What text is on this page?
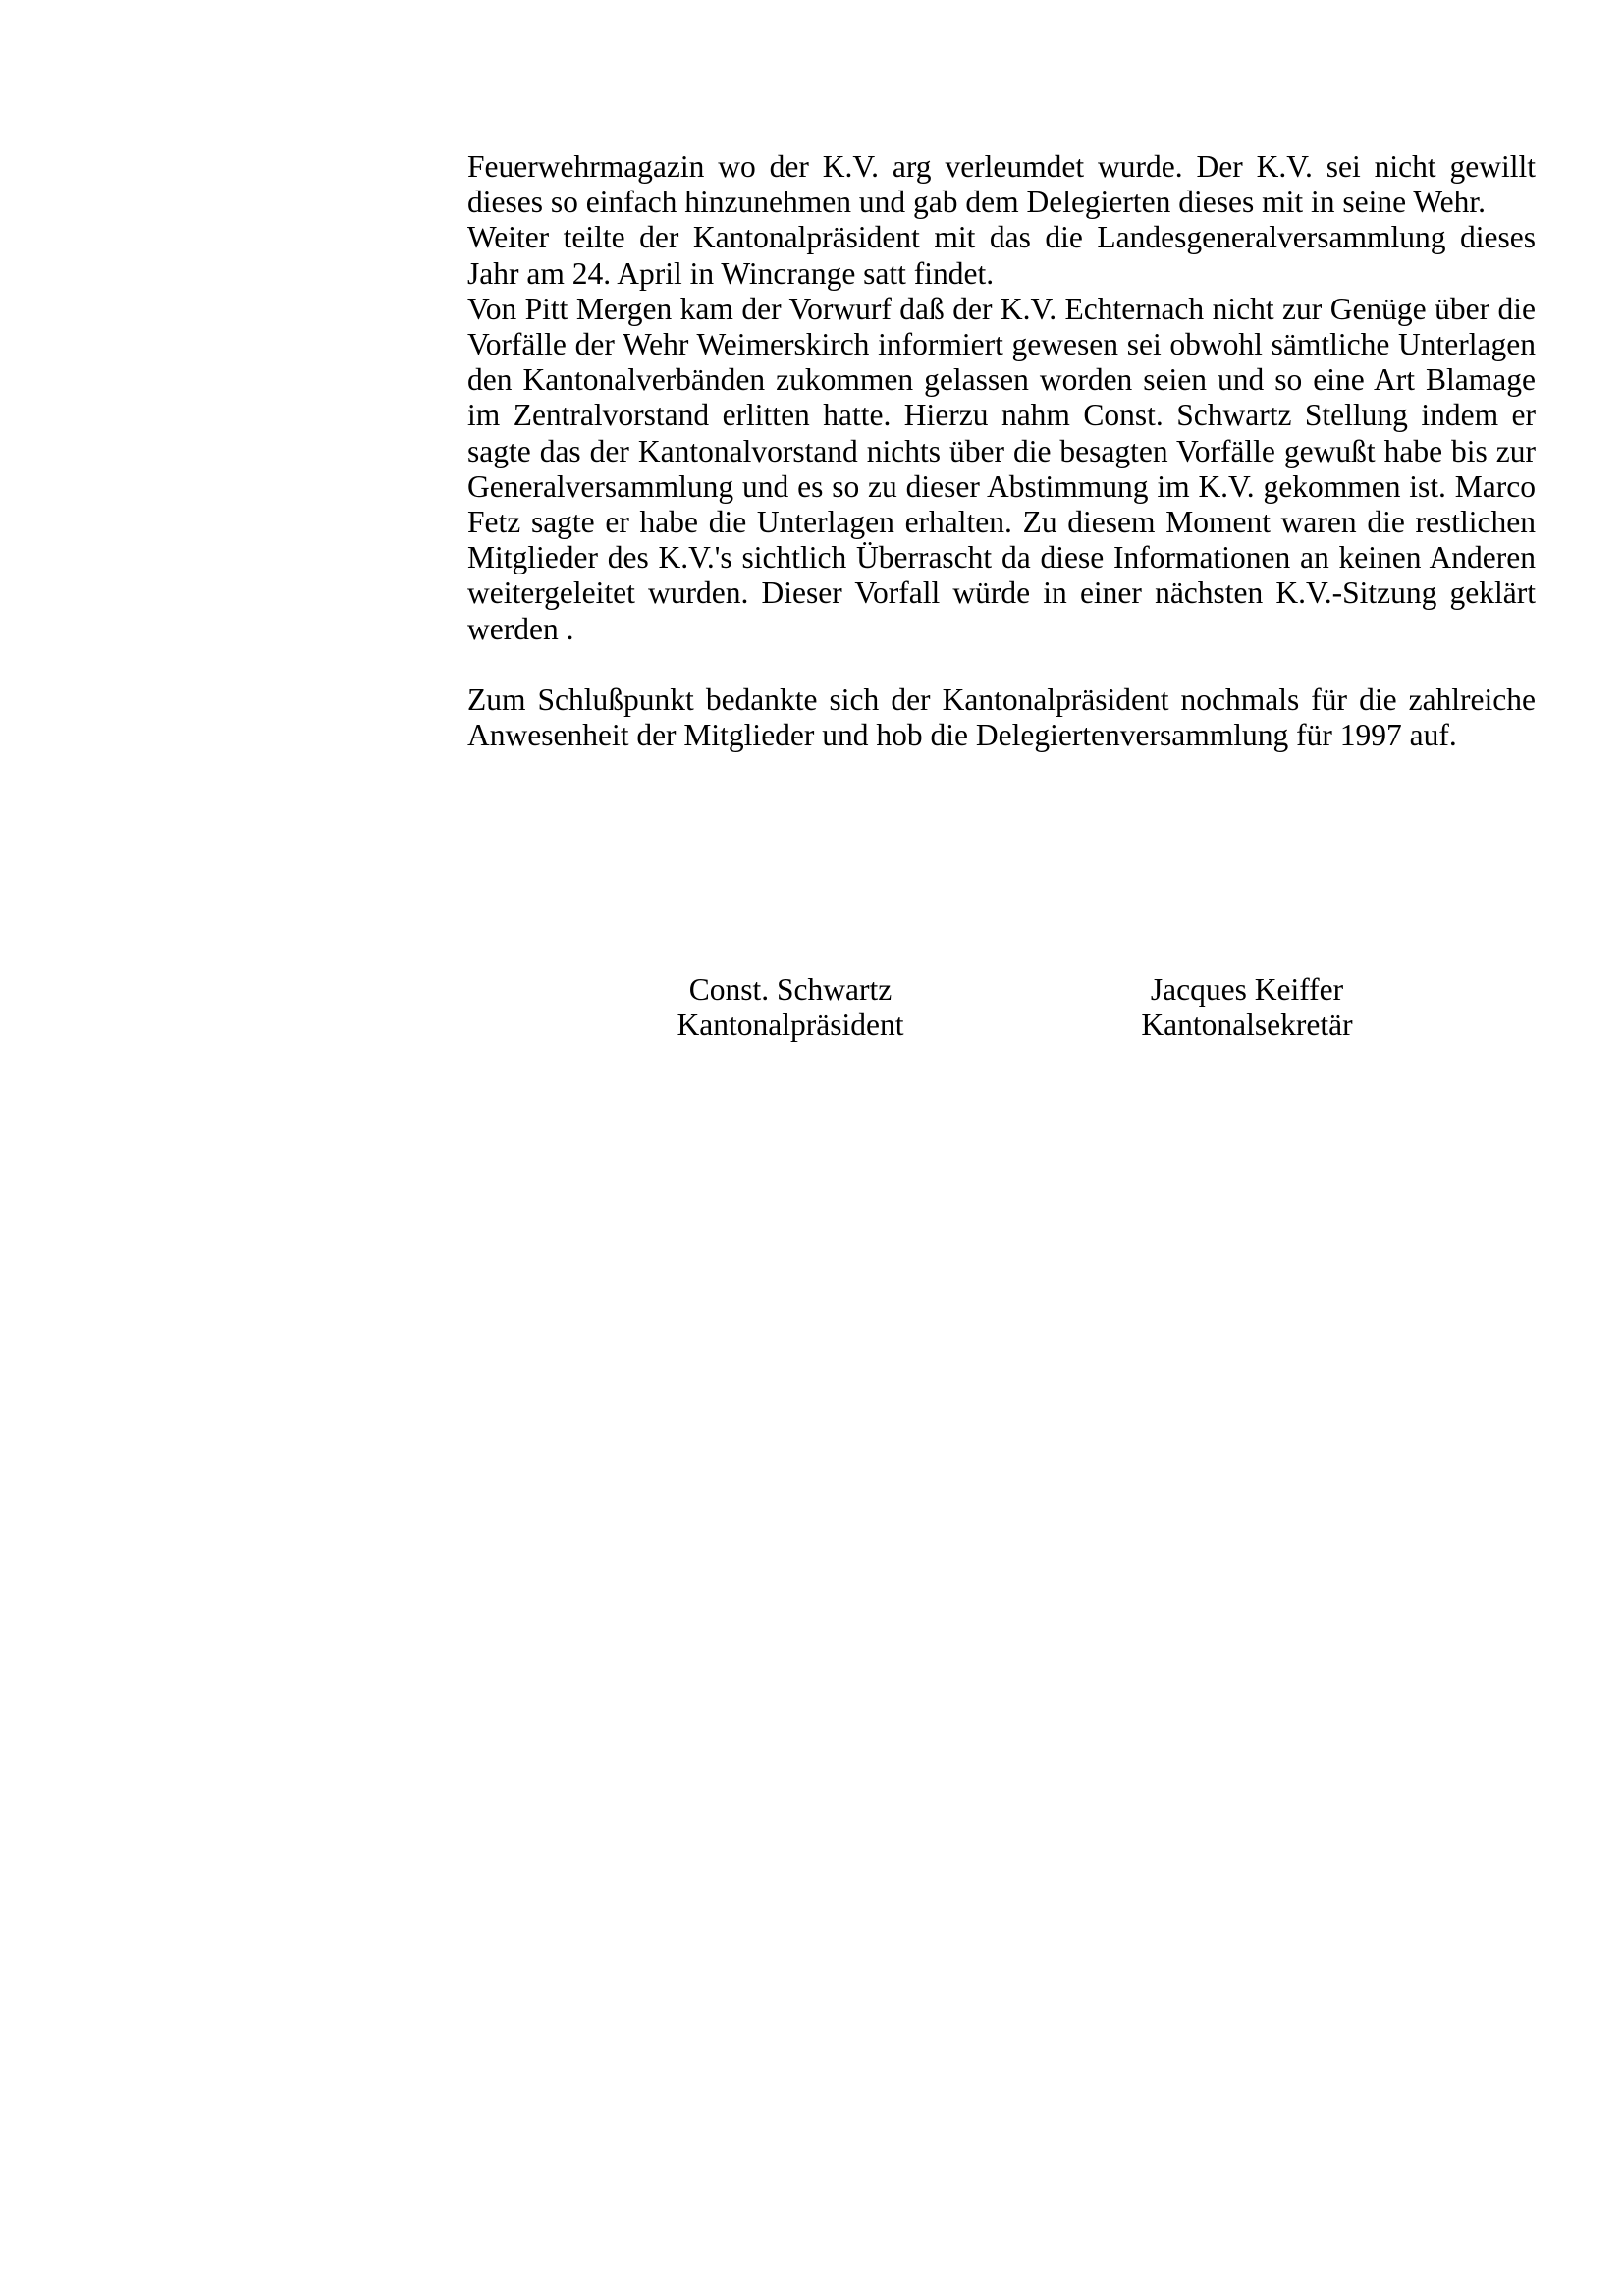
Feuerwehrmagazin wo der K.V. arg verleumdet wurde. Der K.V. sei nicht gewillt dieses so einfach hinzunehmen und gab dem Delegierten dieses mit in seine Wehr.

Weiter teilte der Kantonalpräsident mit das die Landesgeneralversammlung dieses Jahr am 24. April in Wincrange satt findet.

Von Pitt Mergen kam der Vorwurf daß der K.V. Echternach nicht zur Genüge über die Vorfälle der Wehr Weimerskirch informiert gewesen sei obwohl sämtliche Unterlagen den Kantonalverbänden zukommen gelassen worden seien und so eine Art Blamage im Zentralvorstand erlitten hatte. Hierzu nahm Const. Schwartz Stellung indem er sagte das der Kantonalvorstand nichts über die besagten Vorfälle gewußt habe bis zur Generalversammlung und es so zu dieser Abstimmung im K.V. gekommen ist. Marco Fetz sagte er habe die Unterlagen erhalten. Zu diesem Moment waren die restlichen Mitglieder des K.V.'s sichtlich Überrascht da diese Informationen an keinen Anderen weitergeleitet wurden. Dieser Vorfall würde in einer nächsten K.V.-Sitzung geklärt werden .

Zum Schlußpunkt bedankte sich der Kantonalpräsident nochmals für die zahlreiche Anwesenheit der Mitglieder und hob die Delegiertenversammlung für 1997 auf.

Const. Schwartz
Kantonalpräsident
Jacques Keiffer
Kantonalsekretär
